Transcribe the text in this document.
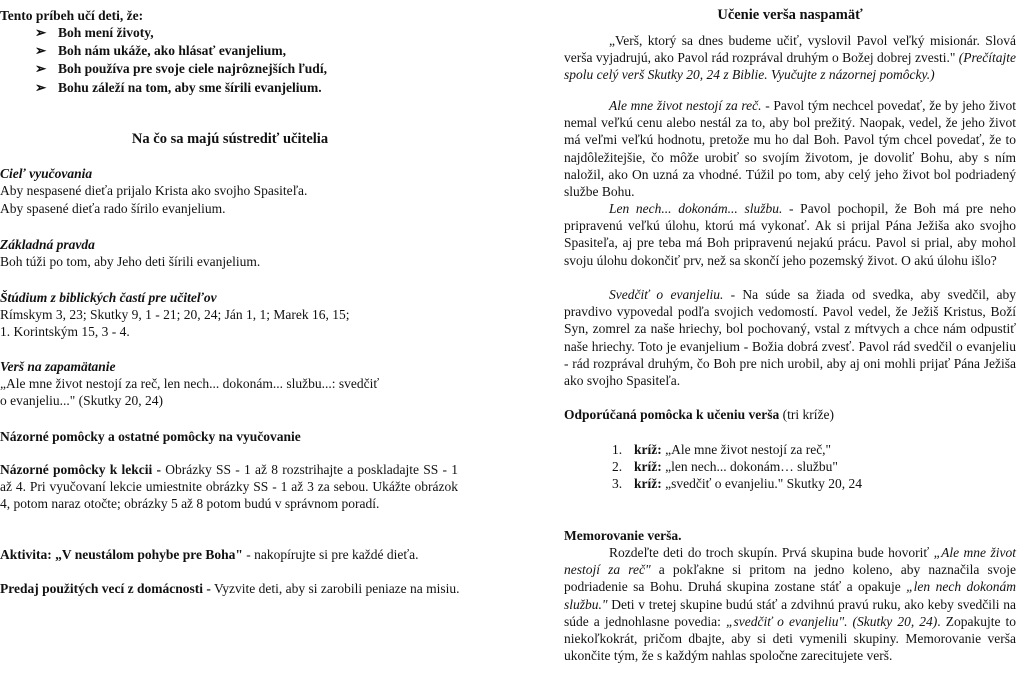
Tento príbeh učí deti, že:
➢ Boh mení životy,
➢ Boh nám ukáže, ako hlásať evanjelium,
➢ Boh používa pre svoje ciele najrôznejších ľudí,
➢ Bohu záleží na tom, aby sme šírili evanjelium.
Na čo sa majú sústrediť učitelia
Cieľ vyučovania
Aby nespasené dieťa prijalo Krista ako svojho Spasiteľa.
Aby spasené dieťa rado šírilo evanjelium.
Základná pravda
Boh túži po tom, aby Jeho deti šírili evanjelium.
Štúdium z biblických častí pre učiteľov
Rímskym 3, 23; Skutky 9, 1 - 21; 20, 24; Ján 1, 1; Marek 16, 15;
1. Korintským 15, 3 - 4.
Verš na zapamätanie
„Ale mne život nestojí za reč, len nech... dokonám... službu...: svedčiť
o evanjeliu..." (Skutky 20, 24)
Názorné pomôcky a ostatné pomôcky na vyučovanie
Názorné pomôcky k lekcii - Obrázky SS - 1 až 8 rozstrihajte a poskladajte SS - 1 až 4. Pri vyučovaní lekcie umiestnite obrázky SS - 1 až 3 za sebou. Ukážte obrázok 4, potom naraz otočte; obrázky 5 až 8 potom budú v správnom poradí.
Aktivita: „V neustálom pohybe pre Boha" - nakopírujte si pre každé dieťa.
Predaj použitých vecí z domácnosti - Vyzvite deti, aby si zarobili peniaze na misiu.
Učenie verša naspamäť
„Verš, ktorý sa dnes budeme učiť, vyslovil Pavol veľký misionár. Slová verša vyjadrujú, ako Pavol rád rozprával druhým o Božej dobrej zvesti." (Prečítajte spolu celý verš Skutky 20, 24 z Biblie. Vyučujte z názornej pomôcky.)
Ale mne život nestojí za reč. - Pavol tým nechcel povedať, že by jeho život nemal veľkú cenu alebo nestál za to, aby bol prežitý. Naopak, vedel, že jeho život má veľmi veľkú hodnotu, pretože mu ho dal Boh. Pavol tým chcel povedať, že to najdôležitejšie, čo môže urobiť so svojím životom, je dovoliť Bohu, aby s ním naložil, ako On uzná za vhodné. Túžil po tom, aby celý jeho život bol podriadený službe Bohu.
Len nech... dokonám... službu. - Pavol pochopil, že Boh má pre neho pripravenú veľkú úlohu, ktorú má vykonať. Ak si prijal Pána Ježiša ako svojho Spasiteľa, aj pre teba má Boh pripravenú nejakú prácu. Pavol si prial, aby mohol svoju úlohu dokončiť prv, než sa skončí jeho pozemský život. O akú úlohu išlo?
Svedčiť o evanjeliu. - Na súde sa žiada od svedka, aby svedčil, aby pravdivo vypovedal podľa svojich vedomostí. Pavol vedel, že Ježiš Kristus, Boží Syn, zomrel za naše hriechy, bol pochovaný, vstal z mŕtvych a chce nám odpustiť naše hriechy. Toto je evanjelium - Božia dobrá zvesť. Pavol rád svedčil o evanjeliu - rád rozprával druhým, čo Boh pre nich urobil, aby aj oni mohli prijať Pána Ježiša ako svojho Spasiteľa.
Odporúčaná pomôcka k učeniu verša (tri kríže)
1. kríž: „Ale mne život nestojí za reč,"
2. kríž: „len nech... dokonám… službu"
3. kríž: „svedčiť o evanjeliu." Skutky 20, 24
Memorovanie verša.
Rozdeľte deti do troch skupín. Prvá skupina bude hovoriť „Ale mne život nestojí za reč" a pokľakne si pritom na jedno koleno, aby naznačila svoje podriadenie sa Bohu. Druhá skupina zostane stáť a opakuje „len nech dokonám službu." Deti v tretej skupine budú stáť a zdvihnú pravú ruku, ako keby svedčili na súde a jednohlasne povedia: „svedčiť o evanjeliu". (Skutky 20, 24). Zopakujte to niekoľkokrát, pričom dbajte, aby si deti vymenili skupiny. Memorovanie verša ukončite tým, že s každým nahlas spoločne zarecitujete verš.
